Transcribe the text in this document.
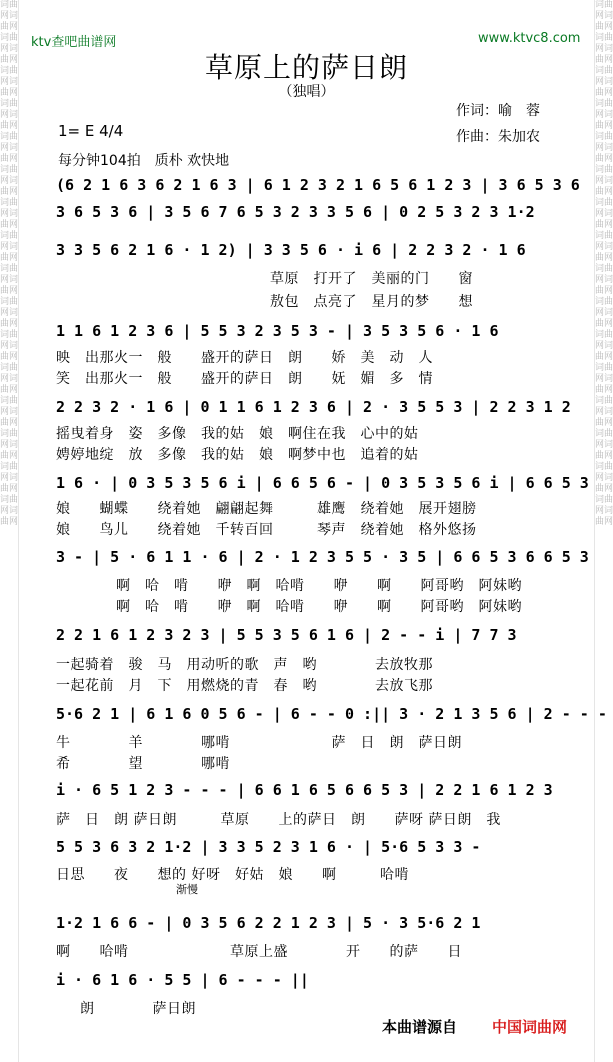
词曲网词曲网词曲网词曲网词曲网词曲网词曲网词曲网词曲网词曲网词曲网词曲网词曲网词曲网词曲网词曲网词曲网词曲网词曲网词曲网词曲网词曲网词曲网词曲网词曲网词曲网词曲网词曲网词曲网词曲网词曲网词曲网
词曲网词曲网词曲网词曲网词曲网词曲网词曲网词曲网词曲网词曲网词曲网词曲网词曲网词曲网词曲网词曲网词曲网词曲网词曲网词曲网词曲网词曲网词曲网词曲网词曲网词曲网词曲网词曲网词曲网词曲网词曲网词曲网
ktv查吧曲谱网	www.ktvc8.com
草原上的萨日朗
（独唱）
作词：喻　蓉
作曲：朱加农
1= E 4/4
每分钟104拍　质朴 欢快地
(6 2 1 6 3 6 2 1 6 3 | 6 1 2 3 2 1 6 5 6 1 2 3 | 3 6 5 3 6
3 6 5 3 6 | 3 5 6 7 6 5 3 2 3 3 5 6 | 0 2 5 3 2 3 1·2
3 3 5 6 2 1 6 · 1 2) | 3 3 5 6 · i 6 | 2 2 3 2 · 1 6
1 1 6 1 2 3 6 | 5 5 3 2 3 5 3 - | 3 5 3 5 6 · 1 6
2 2 3 2 · 1 6 | 0 1 1 6 1 2 3 6 | 2 · 3 5 5 3 | 2 2 3 1 2
1 6 · | 0 3 5 3 5 6 i | 6 6 5 6 - | 0 3 5 3 5 6 i | 6 6 5 3
3 - | 5 · 6 1 1 · 6 | 2 · 1 2 3 5 5 · 3 5 | 6 6 5 3 6 6 5 3
2 2 1 6 1 2 3 2 3 | 5 5 3 5 6 1 6 | 2 - - i | 7 7 3
5·6 2 1 | 6 1 6 0 5 6 - | 6 - - 0 :|| 3 · 2 1 3 5 6 | 2 - - -
i · 6 5 1 2 3 - - - | 6 6 1 6 5 6 6 5 3 | 2 2 1 6 1 2 3
5 5 3 6 3 2 1·2 | 3 3 5 2 3 1 6 · | 5·6 5 3 3 -
1·2 1 6 6 - | 0 3 5 6 2 2 1 2 3 | 5 · 3 5·6 2 1
i · 6 1 6 · 5 5 | 6 - - - ||
草原　打开了　美丽的门　　窗
敖包　点亮了　星月的梦　　想
映　出那火一　般　　盛开的萨日　朗　　娇　美　动　人
笑　出那火一　般　　盛开的萨日　朗　　妩　媚　多　情
摇曳着身　姿　多像　我的姑　娘　啊住在我　心中的姑
娉婷地绽　放　多像　我的姑　娘　啊梦中也　追着的姑
娘　　蝴蝶　　绕着她　翩翩起舞　　　雄鹰　绕着她　展开翅膀
娘　　鸟儿　　绕着她　千转百回　　　琴声　绕着她　格外悠扬
啊　哈　啃　　咿　啊　哈啃　　咿　　啊　　阿哥哟　阿妹哟
啊　哈　啃　　咿　啊　哈啃　　咿　　啊　　阿哥哟　阿妹哟
一起骑着　骏　马　用动听的歌　声　哟　　　　去放牧那
一起花前　月　下　用燃烧的青　春　哟　　　　去放飞那
牛　　　　羊　　　　哪啃　　　　　　　萨　日　朗　萨日朗
希　　　　望　　　　哪啃
萨　日　朗 萨日朗　　　草原　　上的萨日　朗　　萨呀 萨日朗　我
日思　　夜　　想的 好呀　好姑　娘　　啊　　　哈啃
啊　　哈啃　　　　　　　草原上盛　　　　开　　的萨　　日
朗　　　　萨日朗
渐慢
本曲谱源自 中国词曲网
